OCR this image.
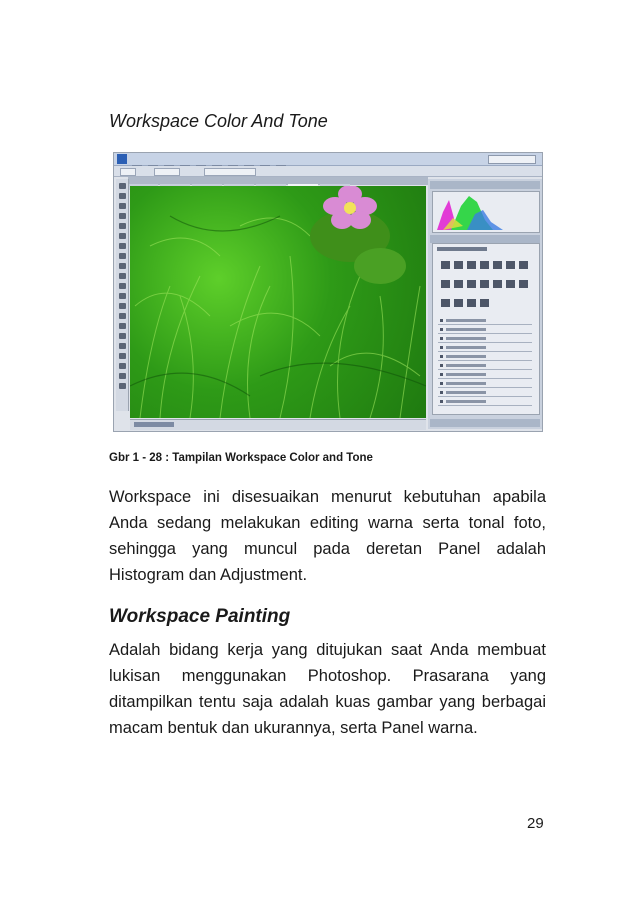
Workspace Color And Tone
Gbr 1 - 28 : Tampilan Workspace Color and Tone

Workspace ini disesuaikan menurut kebutuhan apabila Anda sedang melakukan editing warna serta tonal foto, sehingga yang muncul pada deretan Panel adalah Histogram dan Adjustment.

Workspace Painting

Adalah bidang kerja yang ditujukan saat Anda membuat lukisan menggunakan Photoshop. Prasarana yang ditampilkan tentu saja adalah kuas gambar yang berbagai macam bentuk dan ukurannya, serta Panel warna.

29
